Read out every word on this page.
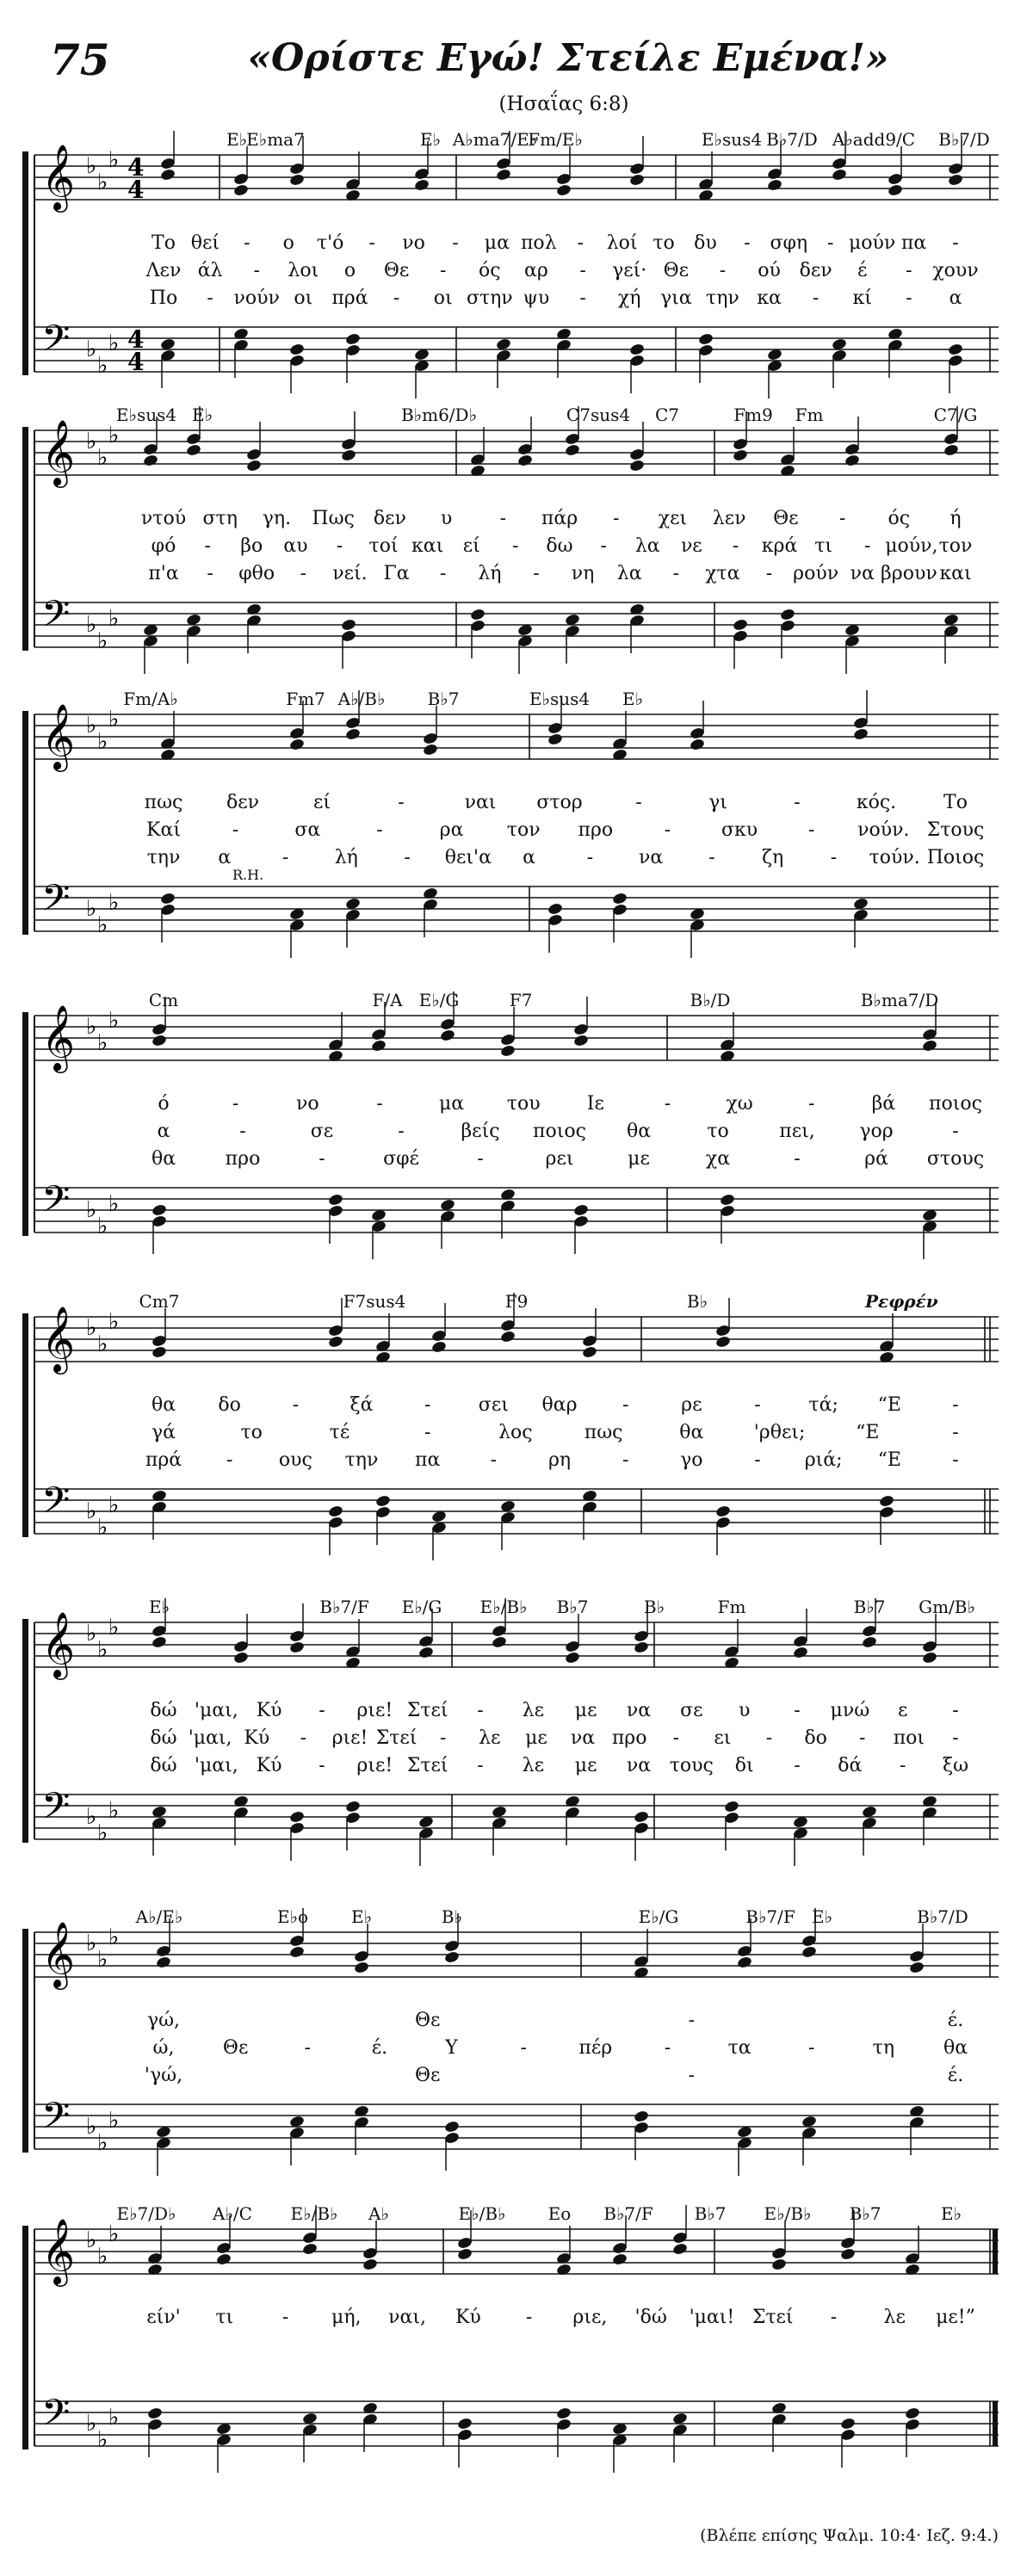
75	«Ορίστε Εγώ! Στείλε Εμένα!»
(Ησαΐας 6:8)
𝄞 ♭
♭
♭ 4
4
𝄢 ♭
♭
♭ 4
4
E♭ E♭ma7	E♭ A♭ma7/E♭
Fm/E♭	E♭sus4 B♭7/D A♭add9/C B♭7/D
Το θεί - ο τ'ό - νο - μα πολ - λοί το δυ - σφη - μούν πα -
Λεν άλ - λοι ο Θε - ός αρ - γεί· Θε - ού δεν έ - χουν
Πο - νούν οι πρά - οι στην ψυ - χή για την κα - κί - α
𝄞 ♭
♭
♭
𝄢 ♭
♭
♭
E♭sus4 E♭	B♭m6/D♭	C7sus4 C7	Fm9 Fm	C7/G
ντού στη γη. Πως δεν υ	- πάρ - χει λεν Θε - ός ή
φό - βο αυ - τοί και εί - δω - λα νε - κρά τι - μούν, τον
π'α - φθο - νεί. Γα - λή - νη λα - χτα - ρούν να βρουν και
𝄞 ♭
♭
♭
𝄢 ♭
♭
♭
Fm/A♭	Fm7 A♭/B♭ B♭7	E♭sus4 E♭
πως δεν	εί	-	ναι στορ	-	γι	-	κός. Το
Καί	-	σα	-	ρα τον προ	-	σκυ	- νούν. Στους
την α	- λή - θει'α α	- να - ζη - τούν. Ποιος
R.H.
𝄞 ♭
♭
♭
𝄢 ♭
♭
♭
Cm	F/A E♭/G	F7	B♭/D	B♭ma7/D
ό	-	νο	-	μα του Ιε	-	χω	-	βά ποιος
α	-	σε	-	βείς ποιος θα	το	πει, γορ	-
θα	προ	-	σφέ	-	ρει	με	χα	-	ρά στους
𝄞 ♭
♭
♭
𝄢 ♭
♭
♭
Cm7	F7sus4	F9	B♭
θα δο	-	ξά	-	σει θαρ -	ρε	-	τά; “Ε	-
γά	το	τέ	-	λος	πως	θα	'ρθει;	“Ε	-
πρά - ους την πα	-	ρη	-	γο	- ριά; “Ε	-
Ρεφρέν
𝄞 ♭
♭
♭
𝄢 ♭
♭
♭
E♭	B♭7/F E♭/G E♭/B♭ B♭7	B♭	Fm	B♭7 Gm/B♭
δώ 'μαι, Κύ - ριε! Στεί - λε με να σε υ - μνώ ε -
δώ 'μαι, Κύ - ριε! Στεί - λε με να προ - ει - δο - ποι -
δώ 'μαι, Κύ - ριε! Στεί - λε με να τους δι - δά - ξω
𝄞 ♭
♭
♭
𝄢 ♭
♭
♭
A♭/E♭	E♭o E♭	B♭	E♭/G	B♭7/F E♭	B♭7/D
γώ,	Θε	-	έ.
ώ,	Θε	-	έ.	Υ	-	πέρ	-	τα	-	τη	θα
'γώ,	Θε	-	έ.
𝄞 ♭
♭
♭
𝄢 ♭
♭
♭
E♭7/D♭ A♭/C E♭/B♭ A♭	E♭/B♭ Eo B♭7/F B♭7 E♭/B♭ B♭7	E♭
είν' τι	- μή, ναι, Κύ - ριε, 'δώ 'μαι! Στεί - λε με!”
(Βλέπε επίσης Ψαλμ. 10:4· Ιεζ. 9:4.)
